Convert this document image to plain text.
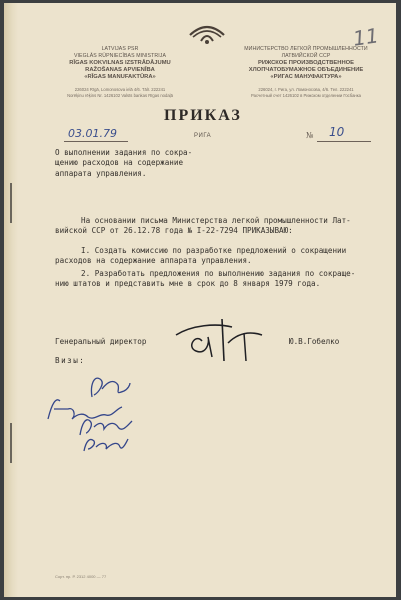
11
LATVIJAS PSR
VIEGLĀS RŪPNIECĪBAS MINISTRIJA
RĪGAS KOKVILNAS IZSTRĀDĀJUMU
RAŽOŠANAS APVIENĪBA
«RĪGAS MANUFAKTŪRA»
226024 Rīgā, Lomonosova ielā 4/6. Tālr. 222241
Norēķinu rēķins Nr. 1426102 Valsts bankas Rīgas nodaļā
МИНИСТЕРСТВО ЛЕГКОЙ ПРОМЫШЛЕННОСТИ
ЛАТВИЙСКОЙ ССР
РИЖСКОЕ ПРОИЗВОДСТВЕННОЕ
ХЛОПЧАТОБУМАЖНОЕ ОБЪЕДИНЕНИЕ
«РИГАС МАНУФАКТУРА»
226024, г. Рига, ул. Ломоносова, 4/6. Тел. 222241
Расчетный счет 1426102 в Рижском отделении Госбанка
ПРИКАЗ
03.01.79	РИГА	№ 10
О выполнении задания по сокра-
щению расходов на содержание
аппарата управления.
На основании письма Министерства легкой промышленности Лат-
вийской ССР от 26.12.78 года № I-22-7294 ПРИКАЗЫВАЮ:
I. Создать комиссию по разработке предложений о сокращении
расходов на содержание аппарата управления.
2. Разработать предложения по выполнению задания по сокраще-
нию штатов и представить мне в срок до 8 января 1979 года.
Генеральный директор	Ю.В.Гобелко
Визы:
Сорт. пр. Р. 2312 4000 — 77
